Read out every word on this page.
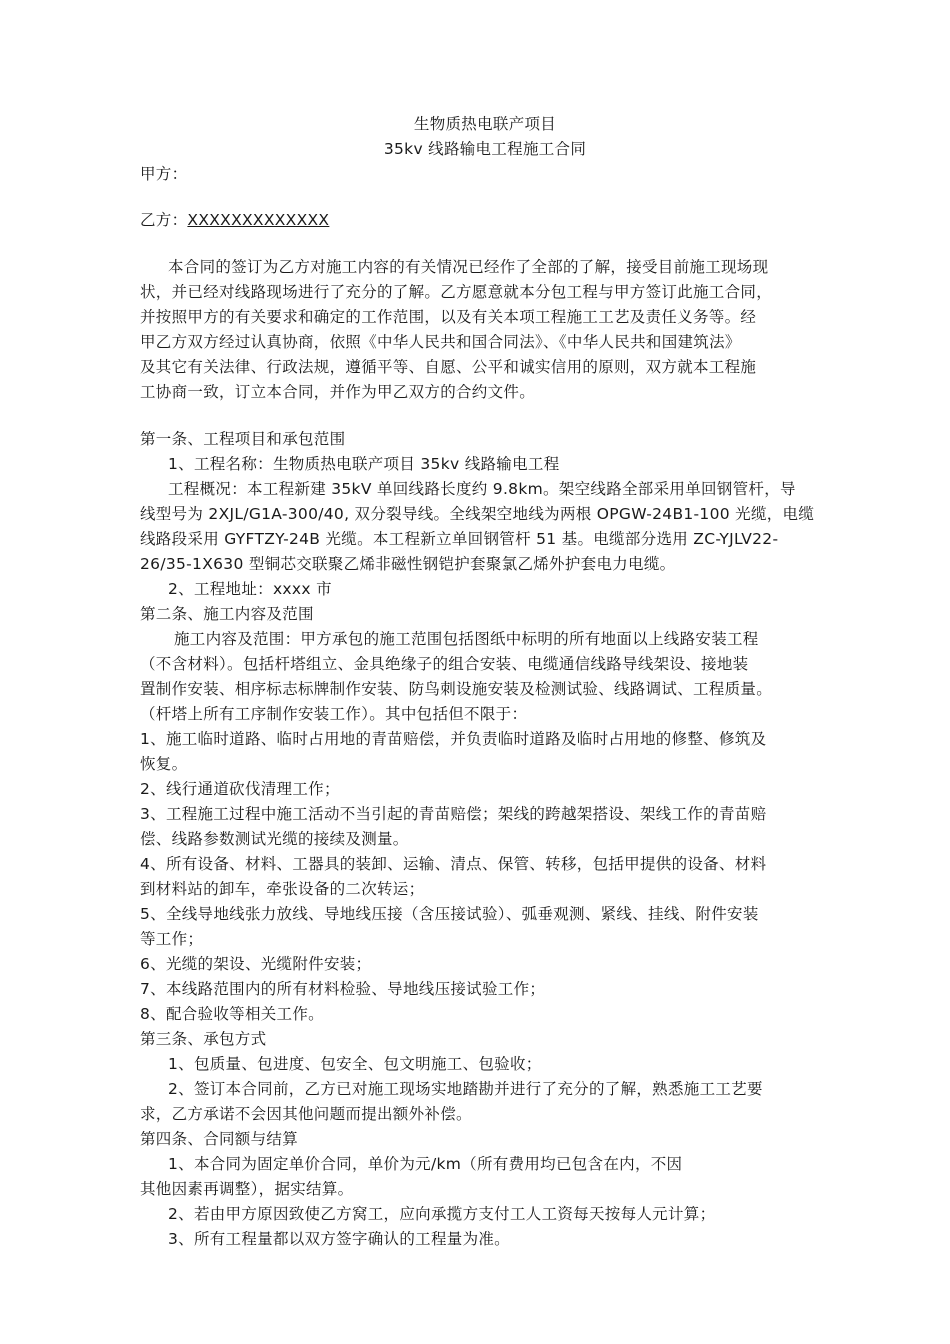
生物质热电联产项目
35kv 线路输电工程施工合同
甲方：
乙方：XXXXXXXXXXXXX
本合同的签订为乙方对施工内容的有关情况已经作了全部的了解，接受目前施工现场现
状，并已经对线路现场进行了充分的了解。乙方愿意就本分包工程与甲方签订此施工合同，
并按照甲方的有关要求和确定的工作范围，以及有关本项工程施工工艺及责任义务等。经
甲乙方双方经过认真协商，依照《中华人民共和国合同法》、《中华人民共和国建筑法》
及其它有关法律、行政法规，遵循平等、自愿、公平和诚实信用的原则，双方就本工程施
工协商一致，订立本合同，并作为甲乙双方的合约文件。
第一条、工程项目和承包范围
1、工程名称：生物质热电联产项目 35kv 线路输电工程
工程概况：本工程新建 35kV 单回线路长度约 9.8km。架空线路全部采用单回钢管杆，导
线型号为 2XJL/G1A-300/40, 双分裂导线。全线架空地线为两根 OPGW-24B1-100 光缆，电缆
线路段采用 GYFTZY-24B 光缆。本工程新立单回钢管杆 51 基。电缆部分选用 ZC-YJLV22-
26/35-1X630 型铜芯交联聚乙烯非磁性钢铠护套聚氯乙烯外护套电力电缆。
2、工程地址：xxxx 市
第二条、施工内容及范围
施工内容及范围：甲方承包的施工范围包括图纸中标明的所有地面以上线路安装工程
（不含材料）。包括杆塔组立、金具绝缘子的组合安装、电缆通信线路导线架设、接地装
置制作安装、相序标志标牌制作安装、防鸟刺设施安装及检测试验、线路调试、工程质量。
（杆塔上所有工序制作安装工作）。其中包括但不限于：
1、施工临时道路、临时占用地的青苗赔偿，并负责临时道路及临时占用地的修整、修筑及
恢复。
2、线行通道砍伐清理工作；
3、工程施工过程中施工活动不当引起的青苗赔偿；架线的跨越架搭设、架线工作的青苗赔
偿、线路参数测试光缆的接续及测量。
4、所有设备、材料、工器具的装卸、运输、清点、保管、转移，包括甲提供的设备、材料
到材料站的卸车，牵张设备的二次转运；
5、全线导地线张力放线、导地线压接（含压接试验）、弧垂观测、紧线、挂线、附件安装
等工作；
6、光缆的架设、光缆附件安装；
7、本线路范围内的所有材料检验、导地线压接试验工作；
8、配合验收等相关工作。
第三条、承包方式
1、包质量、包进度、包安全、包文明施工、包验收；
2、签订本合同前，乙方已对施工现场实地踏勘并进行了充分的了解，熟悉施工工艺要
求，乙方承诺不会因其他问题而提出额外补偿。
第四条、合同额与结算
1、本合同为固定单价合同，单价为元/km（所有费用均已包含在内，不因
其他因素再调整），据实结算。
2、若由甲方原因致使乙方窝工，应向承揽方支付工人工资每天按每人元计算；
3、所有工程量都以双方签字确认的工程量为准。
